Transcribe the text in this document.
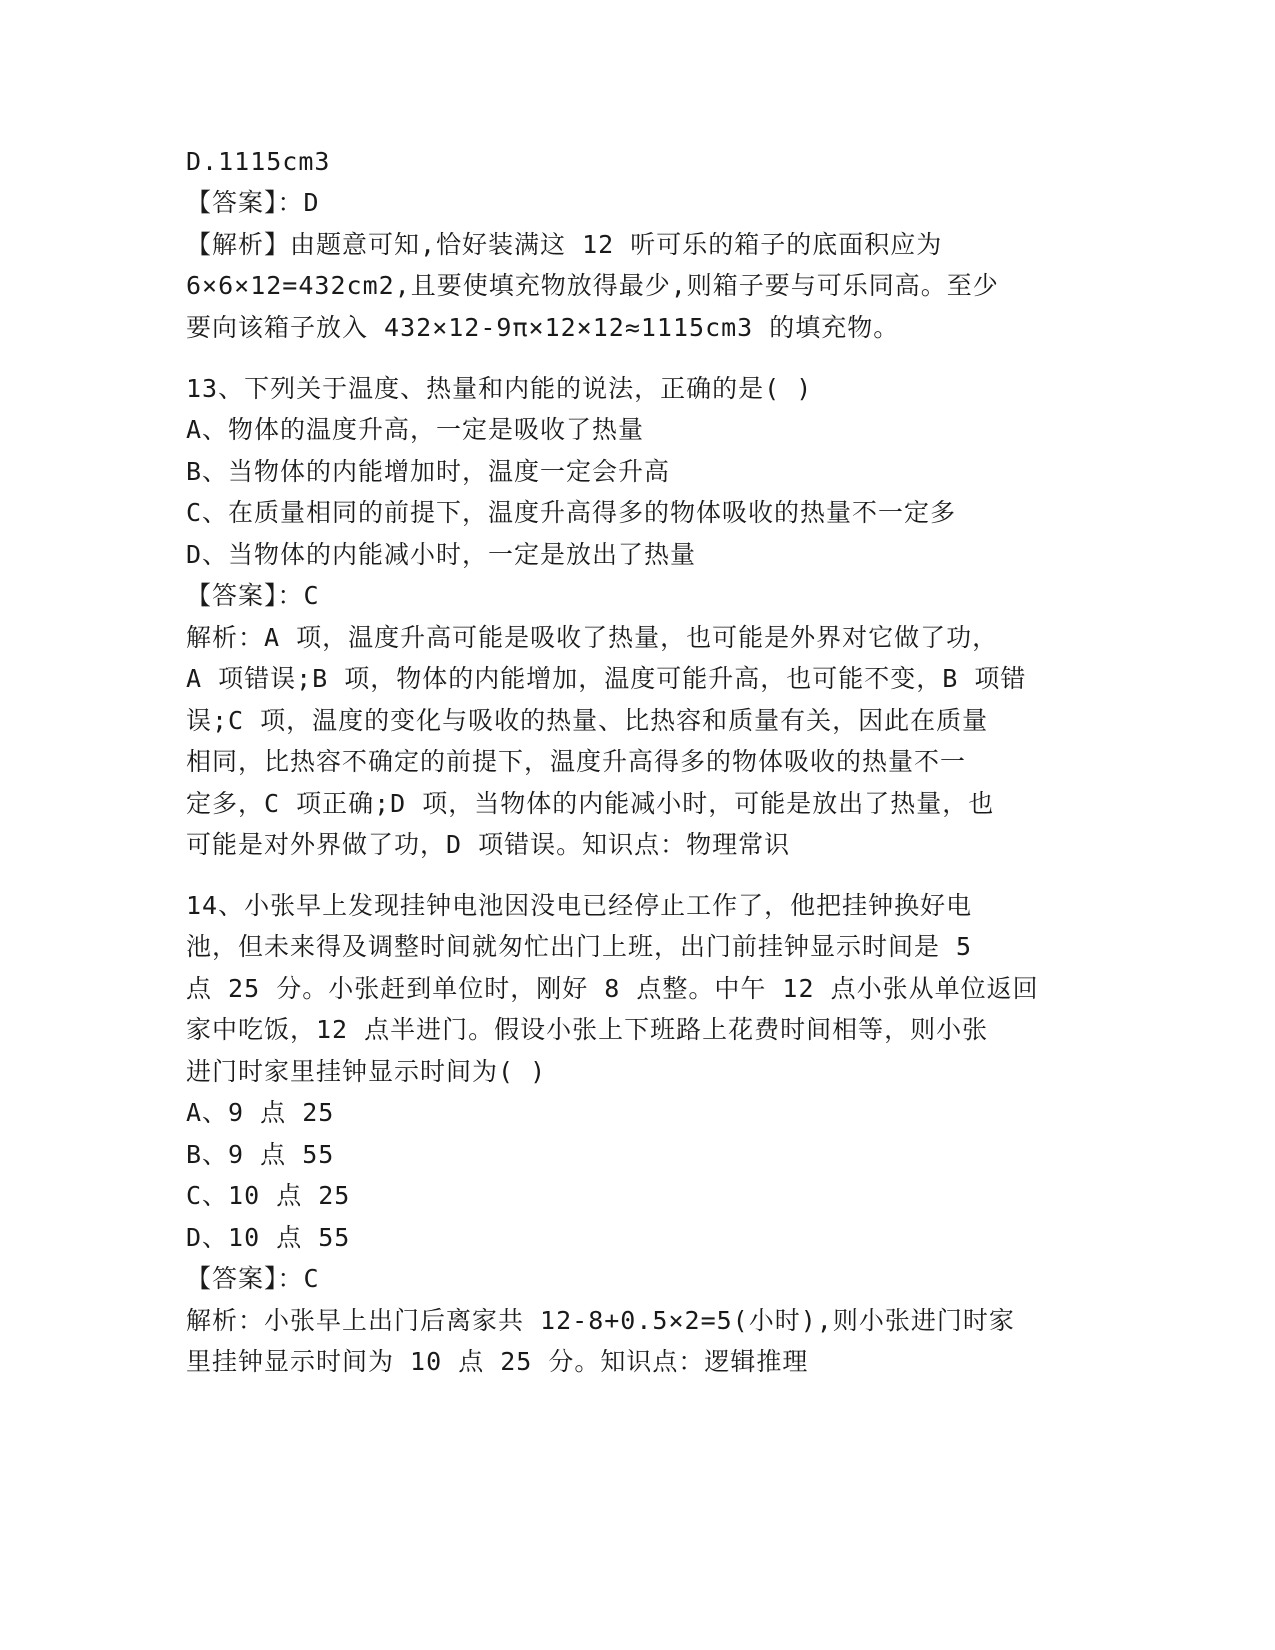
D.1115cm3

【答案】：D

【解析】由题意可知,恰好装满这 12 听可乐的箱子的底面积应为

6×6×12=432cm2,且要使填充物放得最少,则箱子要与可乐同高。至少

要向该箱子放入 432×12-9π×12×12≈1115cm3 的填充物。

13、下列关于温度、热量和内能的说法，正确的是( )

A、物体的温度升高，一定是吸收了热量

B、当物体的内能增加时，温度一定会升高

C、在质量相同的前提下，温度升高得多的物体吸收的热量不一定多

D、当物体的内能减小时，一定是放出了热量

【答案】：C

解析：A 项，温度升高可能是吸收了热量，也可能是外界对它做了功，

A 项错误;B 项，物体的内能增加，温度可能升高，也可能不变，B 项错

误;C 项，温度的变化与吸收的热量、比热容和质量有关，因此在质量

相同，比热容不确定的前提下，温度升高得多的物体吸收的热量不一

定多，C 项正确;D 项，当物体的内能减小时，可能是放出了热量，也

可能是对外界做了功，D 项错误。知识点：物理常识

14、小张早上发现挂钟电池因没电已经停止工作了，他把挂钟换好电

池，但未来得及调整时间就匆忙出门上班，出门前挂钟显示时间是 5

点 25 分。小张赶到单位时，刚好 8 点整。中午 12 点小张从单位返回

家中吃饭，12 点半进门。假设小张上下班路上花费时间相等，则小张

进门时家里挂钟显示时间为( )

A、9 点 25

B、9 点 55

C、10 点 25

D、10 点 55

【答案】：C

解析：小张早上出门后离家共 12-8+0.5×2=5(小时),则小张进门时家

里挂钟显示时间为 10 点 25 分。知识点：逻辑推理
